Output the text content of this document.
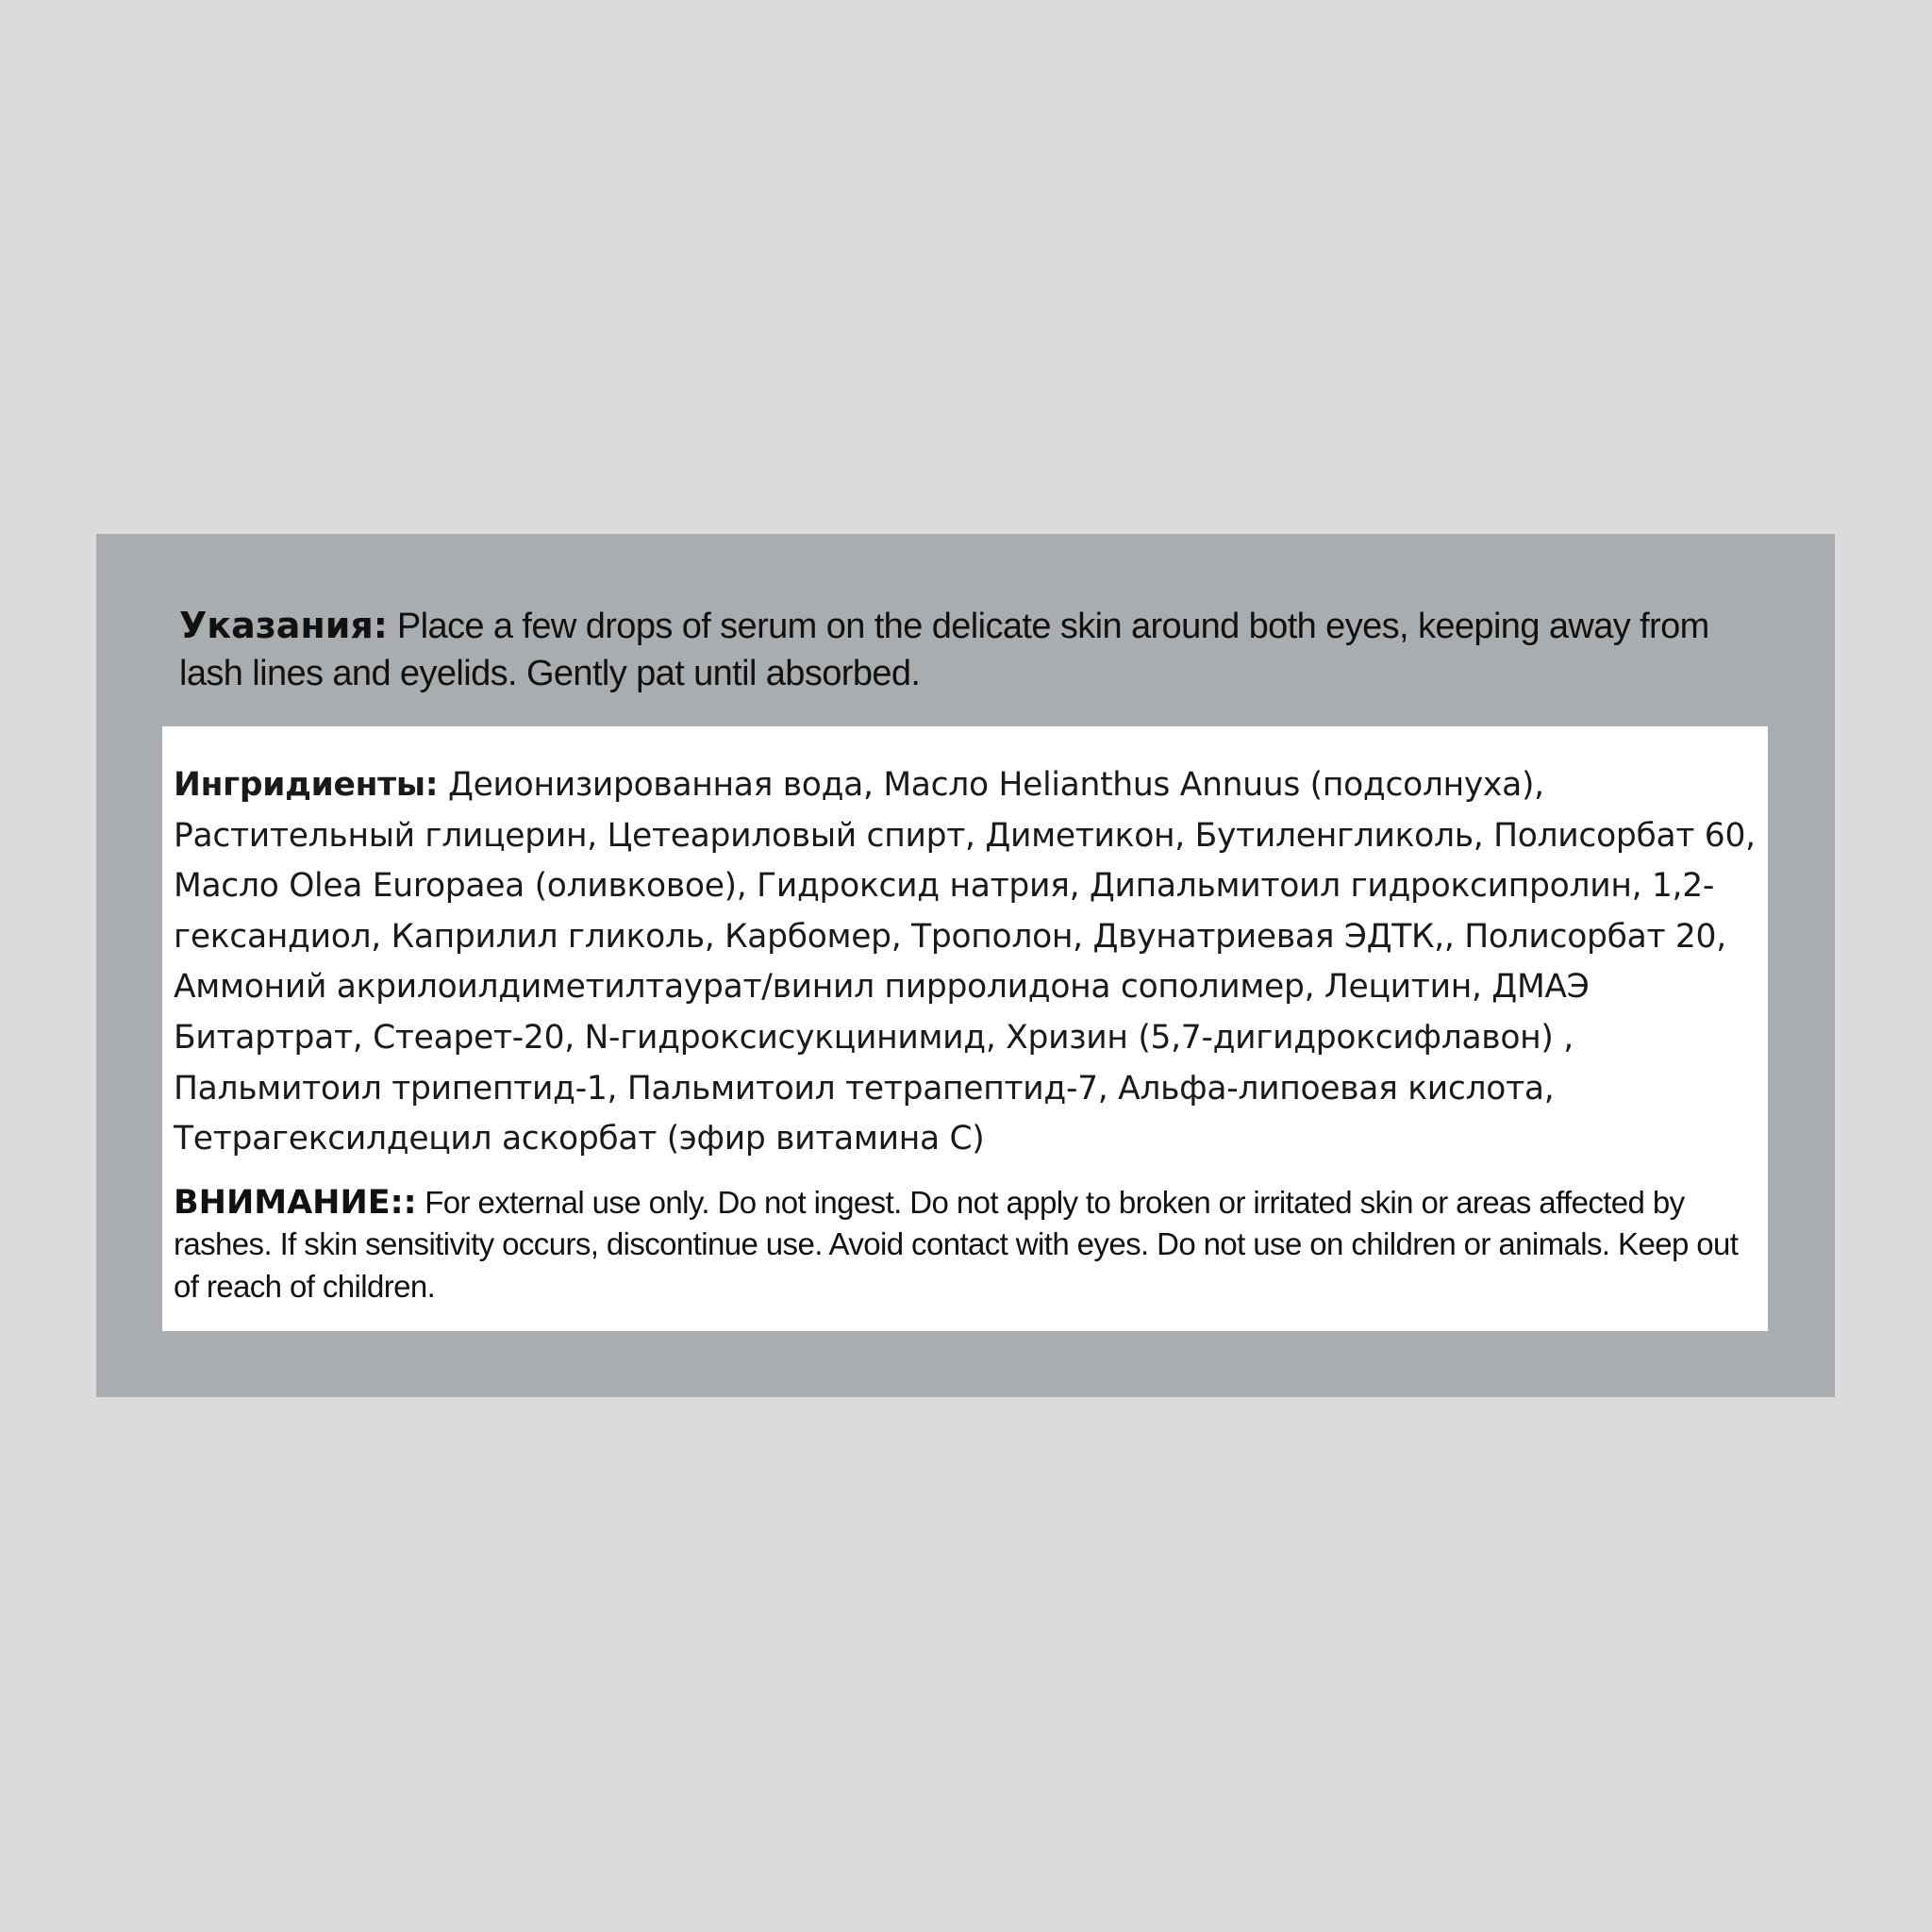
Указания: Place a few drops of serum on the delicate skin around both eyes, keeping away from lash lines and eyelids. Gently pat until absorbed.
Ингридиенты: Деионизированная вода, Масло Helianthus Annuus (подсолнуха), Растительный глицерин, Цетеариловый спирт, Диметикон, Бутиленгликоль, Полисорбат 60, Масло Olea Europaea (оливковое), Гидроксид натрия, Дипальмитоил гидроксипролин, 1,2-гександиол, Каприлил гликоль, Карбомер, Трополон, Двунатриевая ЭДТК,, Полисорбат 20, Аммоний акрилоилдиметилтаурат/винил пирролидона сополимер, Лецитин, ДМАЭ Битартрат, Стеарет-20, N-гидроксисукцинимид, Хризин (5,7-дигидроксифлавон) , Пальмитоил трипептид-1, Пальмитоил тетрапептид-7, Альфа-липоевая кислота, Тетрагексилдецил аскорбат (эфир витамина С)
ВНИМАНИЕ:: For external use only. Do not ingest. Do not apply to broken or irritated skin or areas affected by rashes. If skin sensitivity occurs, discontinue use. Avoid contact with eyes. Do not use on children or animals. Keep out of reach of children.
